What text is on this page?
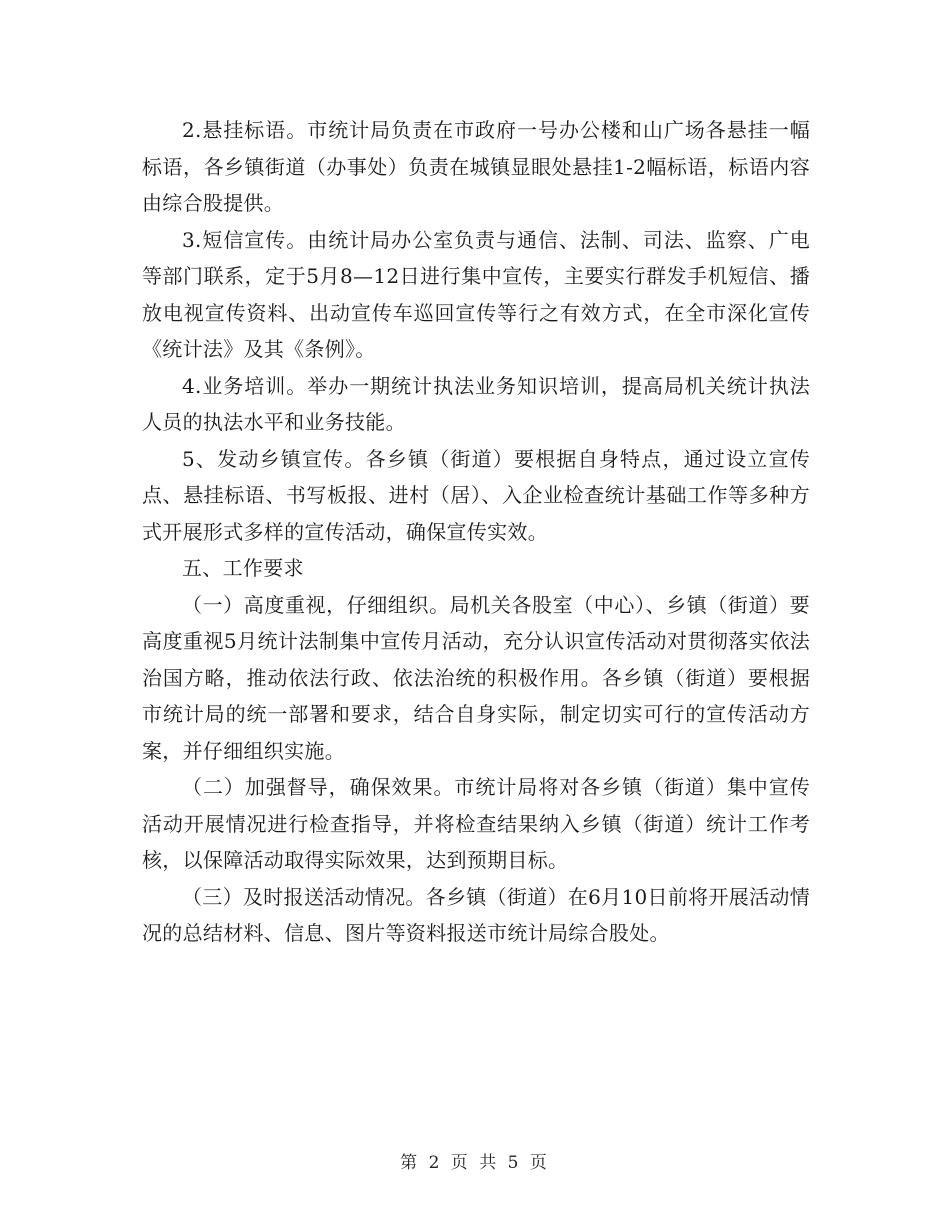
2.悬挂标语。市统计局负责在市政府一号办公楼和山广场各悬挂一幅标语，各乡镇街道（办事处）负责在城镇显眼处悬挂1-2幅标语，标语内容由综合股提供。

3.短信宣传。由统计局办公室负责与通信、法制、司法、监察、广电等部门联系，定于5月8—12日进行集中宣传，主要实行群发手机短信、播放电视宣传资料、出动宣传车巡回宣传等行之有效方式，在全市深化宣传《统计法》及其《条例》。

4.业务培训。举办一期统计执法业务知识培训，提高局机关统计执法人员的执法水平和业务技能。

5、发动乡镇宣传。各乡镇（街道）要根据自身特点，通过设立宣传点、悬挂标语、书写板报、进村（居）、入企业检查统计基础工作等多种方式开展形式多样的宣传活动，确保宣传实效。

五、工作要求

（一）高度重视，仔细组织。局机关各股室（中心）、乡镇（街道）要高度重视5月统计法制集中宣传月活动，充分认识宣传活动对贯彻落实依法治国方略，推动依法行政、依法治统的积极作用。各乡镇（街道）要根据市统计局的统一部署和要求，结合自身实际，制定切实可行的宣传活动方案，并仔细组织实施。

（二）加强督导，确保效果。市统计局将对各乡镇（街道）集中宣传活动开展情况进行检查指导，并将检查结果纳入乡镇（街道）统计工作考核，以保障活动取得实际效果，达到预期目标。

（三）及时报送活动情况。各乡镇（街道）在6月10日前将开展活动情况的总结材料、信息、图片等资料报送市统计局综合股处。

第 2 页 共 5 页
